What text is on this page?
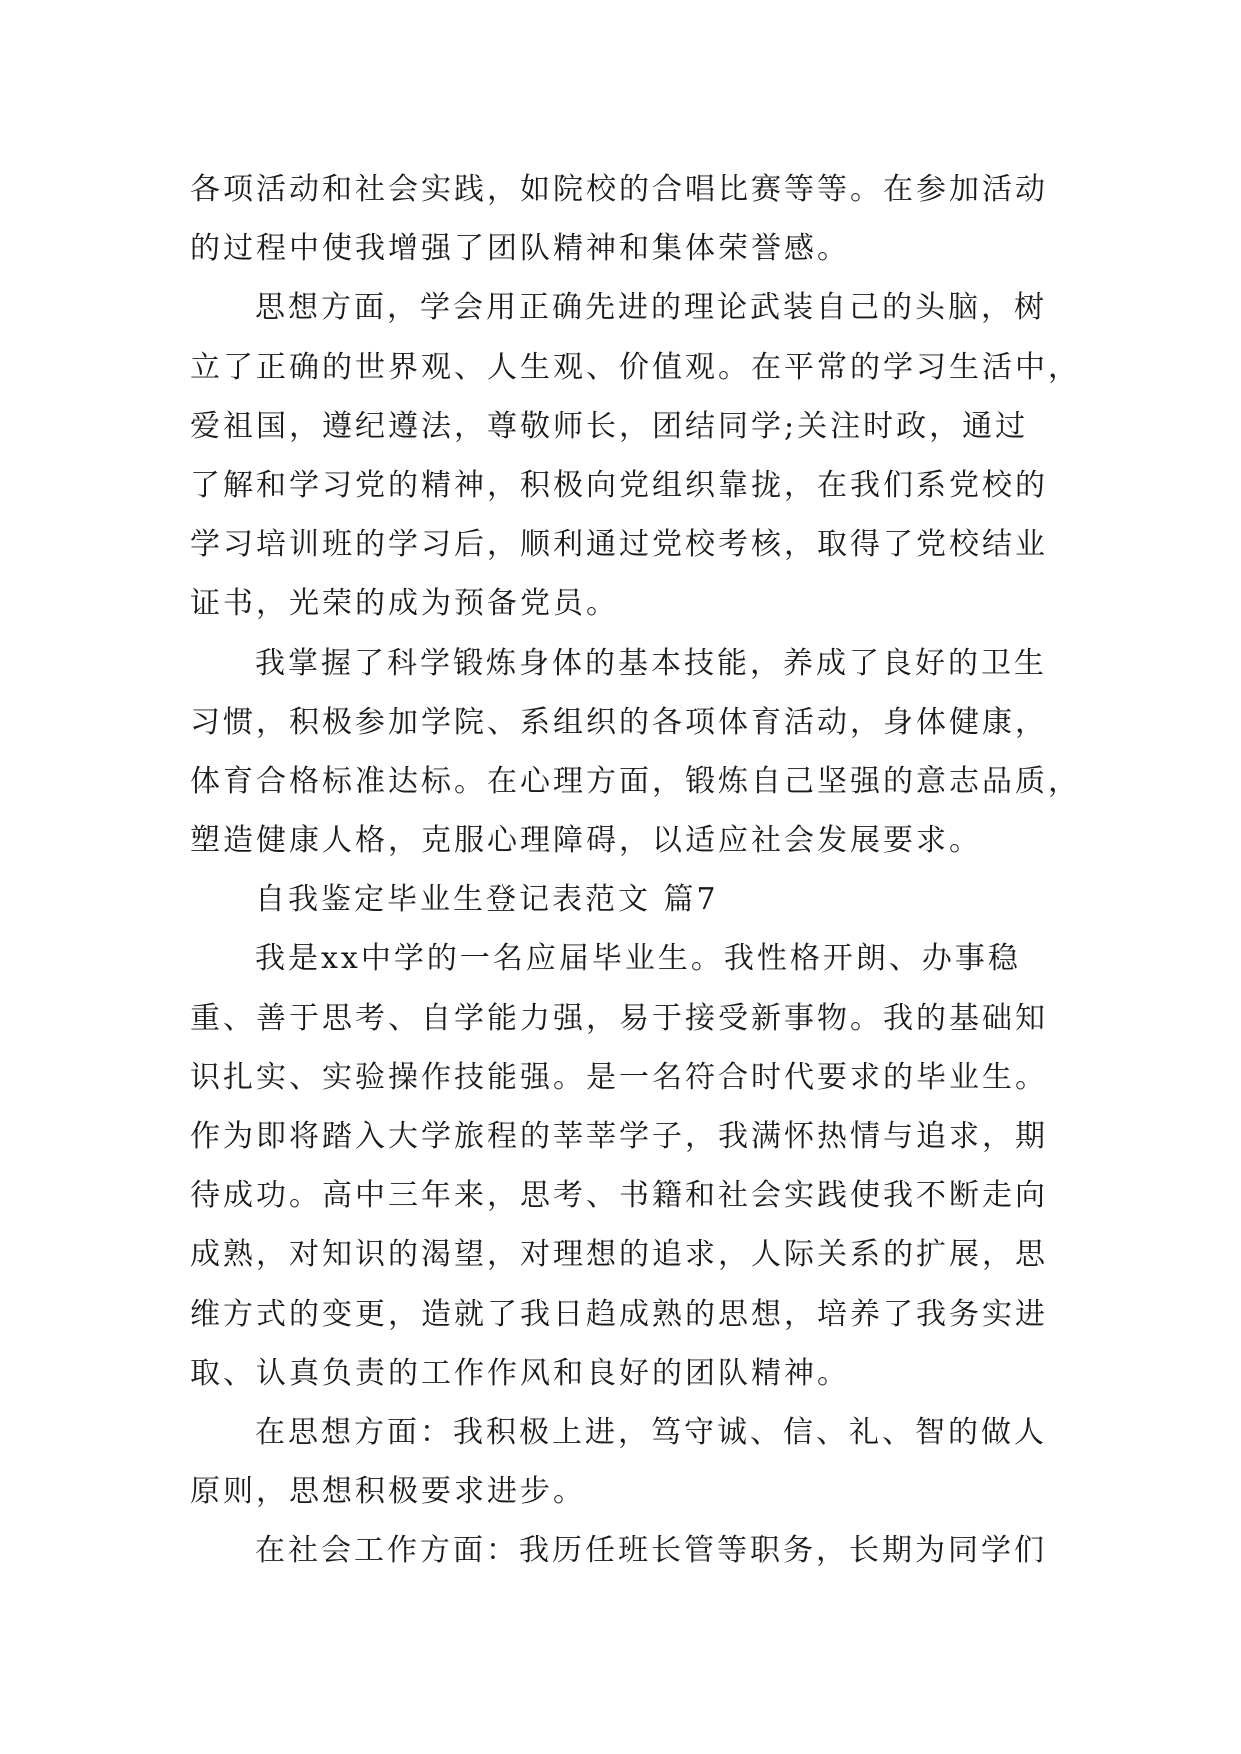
各项活动和社会实践，如院校的合唱比赛等等。在参加活动
的过程中使我增强了团队精神和集体荣誉感。
思想方面，学会用正确先进的理论武装自己的头脑，树
立了正确的世界观、人生观、价值观。在平常的学习生活中，
爱祖国，遵纪遵法，尊敬师长，团结同学;关注时政，通过
了解和学习党的精神，积极向党组织靠拢，在我们系党校的
学习培训班的学习后，顺利通过党校考核，取得了党校结业
证书，光荣的成为预备党员。
我掌握了科学锻炼身体的基本技能，养成了良好的卫生
习惯，积极参加学院、系组织的各项体育活动，身体健康，
体育合格标准达标。在心理方面，锻炼自己坚强的意志品质，
塑造健康人格，克服心理障碍，以适应社会发展要求。
自我鉴定毕业生登记表范文 篇7
我是xx中学的一名应届毕业生。我性格开朗、办事稳
重、善于思考、自学能力强，易于接受新事物。我的基础知
识扎实、实验操作技能强。是一名符合时代要求的毕业生。
作为即将踏入大学旅程的莘莘学子，我满怀热情与追求，期
待成功。高中三年来，思考、书籍和社会实践使我不断走向
成熟，对知识的渴望，对理想的追求，人际关系的扩展，思
维方式的变更，造就了我日趋成熟的思想，培养了我务实进
取、认真负责的工作作风和良好的团队精神。
在思想方面：我积极上进，笃守诚、信、礼、智的做人
原则，思想积极要求进步。
在社会工作方面：我历任班长管等职务，长期为同学们
